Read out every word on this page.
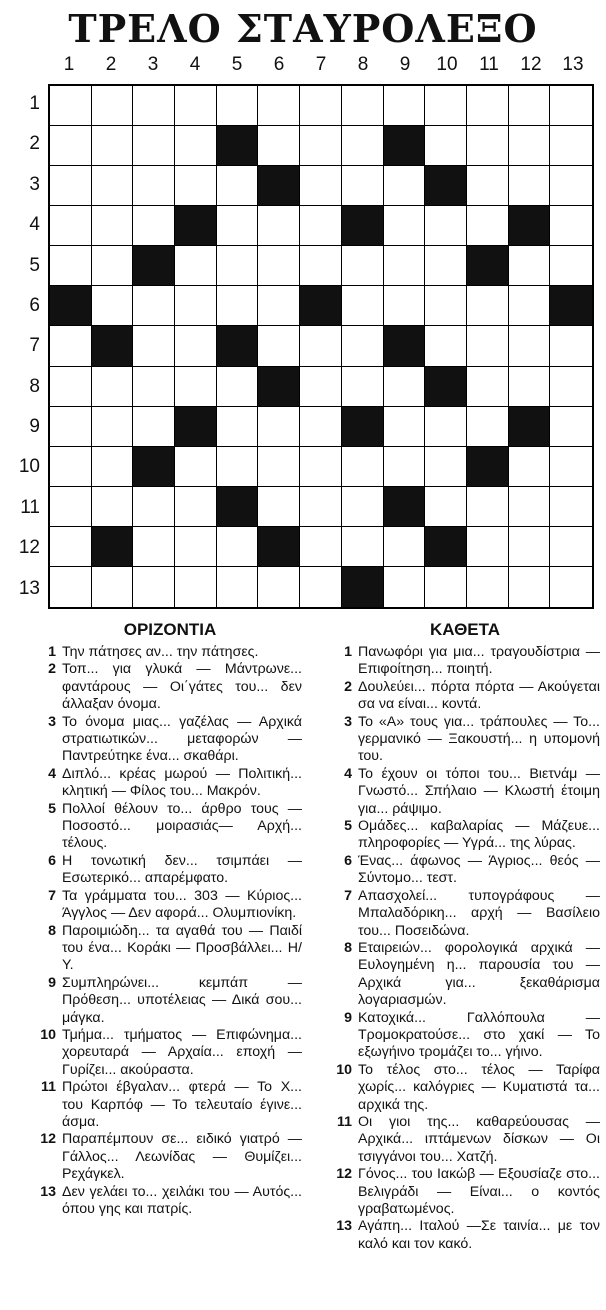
ΤΡΕΛΟ ΣΤΑΥΡΟΛΕΞΟ
1	2	3	4	5	6	7	8	9	10	11	12	13
1
2
3
4
5
6
7
8
9
10
11
12
13
ΟΡΙΖΟΝΤΙΑ	ΚΑΘΕΤΑ
1 Την πάτησες αν... την πάτησες.
2 Τοπ... για γλυκά — Μάντρωνε... φαντάρους — Οι΄γάτες του... δεν άλλαξαν όνομα.
3 Το όνομα μιας... γαζέλας — Αρχικά στρατιωτικών... μεταφορών — Παντρεύτηκε ένα... σκαθάρι.
4 Διπλό... κρέας μωρού — Πολιτική... κλητική — Φίλος του... Μακρόν.
5 Πολλοί θέλουν το... άρθρο τους — Ποσοστό... μοιρασιάς— Αρχή... τέλους.
6 Η τονωτική δεν... τσιμπάει — Εσωτερικό... απαρέμφατο.
7 Τα γράμματα του... 303 — Κύριος... Άγγλος — Δεν αφορά... Ολυμπιονίκη.
8 Παροιμιώδη... τα αγαθά του — Παιδί του ένα... Κοράκι — Προσβάλλει... Η/Υ.
9 Συμπληρώνει... κεμπάπ — Πρόθεση... υποτέλειας — Δικά σου... μάγκα.
10 Τμήμα... τμήματος — Επιφώνημα... χορευταρά — Αρχαία... εποχή — Γυρίζει... ακούραστα.
11 Πρώτοι έβγαλαν... φτερά — Το Χ... του Καρπόφ — Το τελευταίο έγινε... άσμα.
12 Παραπέμπουν σε... ειδικό γιατρό — Γάλλος... Λεωνίδας — Θυμίζει... Ρεχάγκελ.
13 Δεν γελάει το... χειλάκι του — Αυτός... όπου γης και πατρίς.
1 Πανωφόρι για μια... τραγουδίστρια — Επιφοίτηση... ποιητή.
2 Δουλεύει... πόρτα πόρτα — Ακούγεται σα να είναι... κοντά.
3 Το «Α» τους για... τράπουλες — Το... γερμανικό — Ξακουστή... η υπομονή του.
4 Το έχουν οι τόποι του... Βιετνάμ — Γνωστό... Σπήλαιο — Κλωστή έτοιμη για... ράψιμο.
5 Ομάδες... καβαλαρίας — Μάζευε... πληροφορίες — Υγρά... της λύρας.
6 Ένας... άφωνος — Άγριος... θεός — Σύντομο... τεστ.
7 Απασχολεί... τυπογράφους — Μπαλαδόρικη... αρχή — Βασίλειο του... Ποσειδώνα.
8 Εταιρειών... φορολογικά αρχικά — Ευλογημένη η... παρουσία του — Αρχικά για... ξεκαθάρισμα λογαριασμών.
9 Κατοχικά... Γαλλόπουλα — Τρομοκρατούσε... στο χακί — Το εξωγήινο τρομάζει το... γήινο.
10 Το τέλος στο... τέλος — Ταρίφα χωρίς... καλόγριες — Κυματιστά τα... αρχικά της.
11 Οι γιοι της... καθαρεύουσας — Αρχικά... ιπτάμενων δίσκων — Οι τσιγγάνοι του... Χατζή.
12 Γόνος... του Ιακώβ — Εξουσίαζε στο... Βελιγράδι — Είναι... ο κοντός γραβατωμένος.
13 Αγάπη... Ιταλού —Σε ταινία... με τον καλό και τον κακό.
